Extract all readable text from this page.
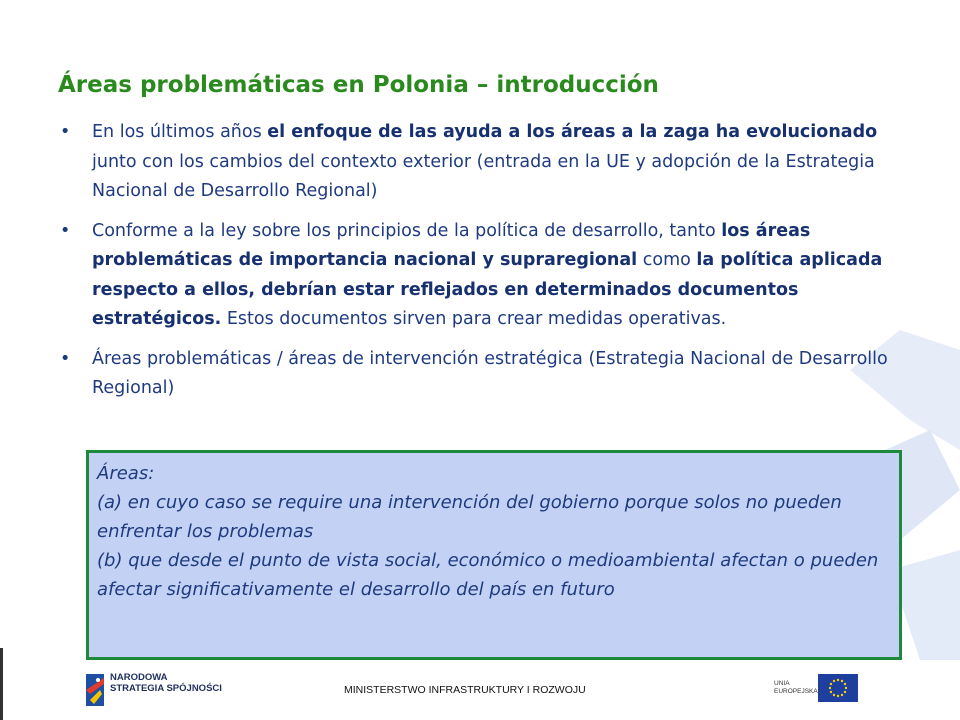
Áreas problemáticas en Polonia – introducción
• En los últimos años el enfoque de las ayuda a los áreas a la zaga ha evolucionado junto con los cambios del contexto exterior (entrada en la UE y adopción de la Estrategia Nacional de Desarrollo Regional)
• Conforme a la ley sobre los principios de la política de desarrollo, tanto los áreas problemáticas de importancia nacional y supraregional como la política aplicada respecto a ellos, debrían estar reflejados en determinados documentos estratégicos. Estos documentos sirven para crear medidas operativas.
• Áreas problemáticas / áreas de intervención estratégica (Estrategia Nacional de Desarrollo Regional)
Áreas:
(a) en cuyo caso se require una intervención del gobierno porque solos no pueden enfrentar los problemas
(b) que desde el punto de vista social, económico o medioambiental afectan o pueden afectar significativamente el desarrollo del país en futuro
NARODOWA
STRATEGIA SPÓJNOŚCI	MINISTERSTWO INFRASTRUKTURY I ROZWOJU
UNIA
EUROPEJSKA
